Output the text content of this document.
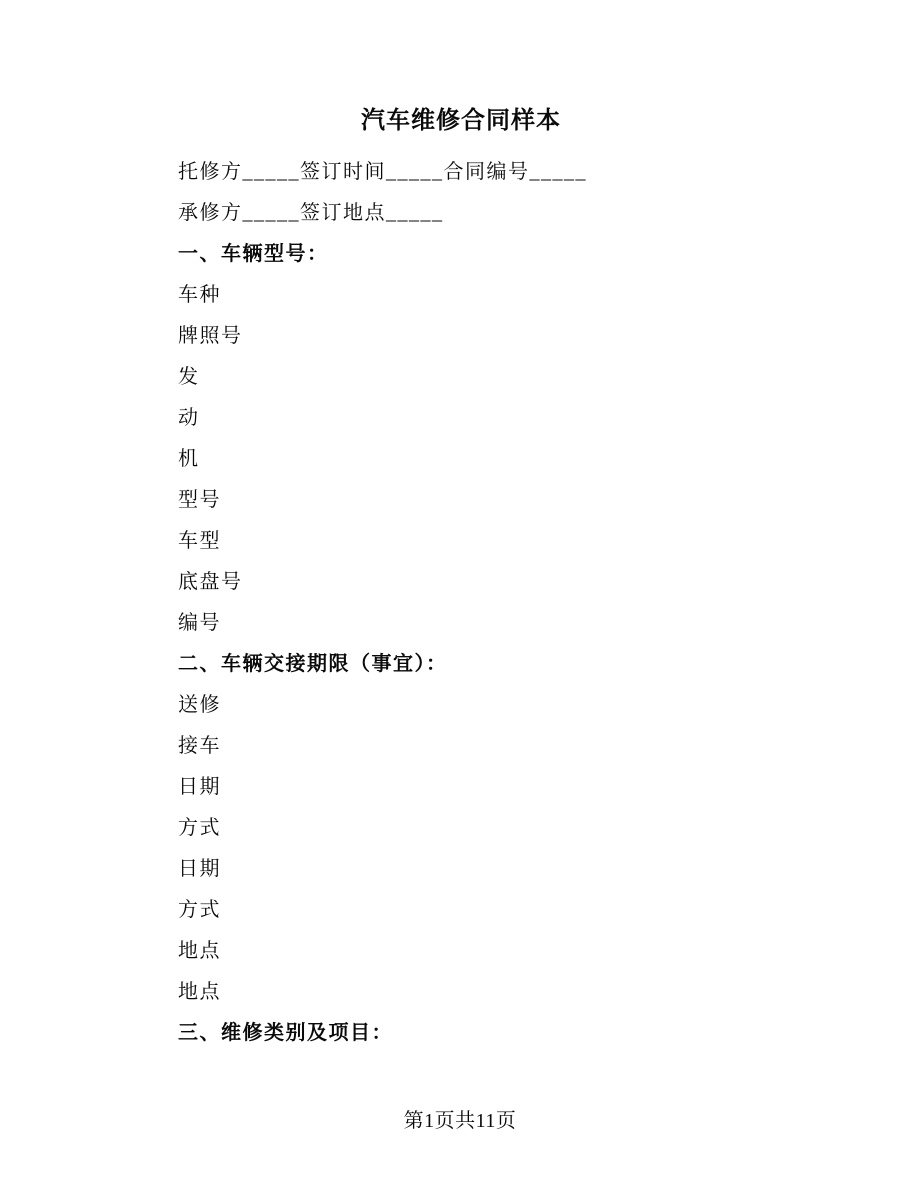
汽车维修合同样本

托修方_____签订时间_____合同编号_____

承修方_____签订地点_____

一、车辆型号：

车种

牌照号

发

动

机

型号

车型

底盘号

编号

二、车辆交接期限（事宜）：

送修

接车

日期

方式

日期

方式

地点

地点

三、维修类别及项目：

第1页共11页
